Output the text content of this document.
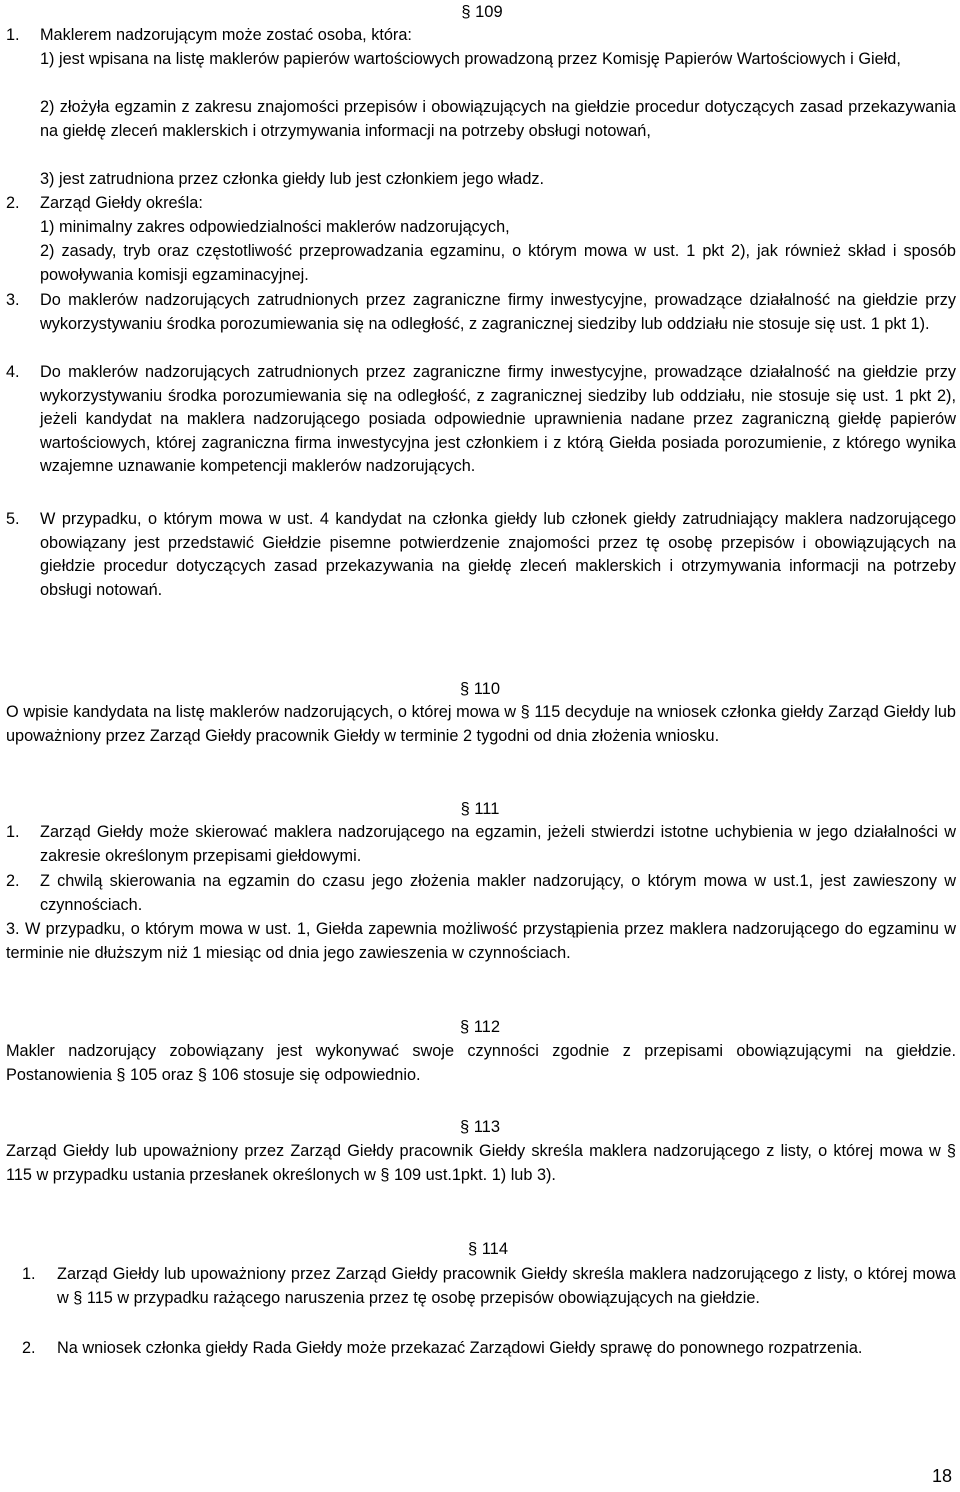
§ 109
1. Maklerem nadzorującym może zostać osoba, która:
1) jest wpisana na listę maklerów papierów wartościowych prowadzoną przez Komisję Papierów Wartościowych i Giełd,
2) złożyła egzamin z zakresu znajomości przepisów i obowiązujących na giełdzie procedur dotyczących zasad przekazywania na giełdę zleceń maklerskich i otrzymywania informacji na potrzeby obsługi notowań,
3) jest zatrudniona przez członka giełdy lub jest członkiem jego władz.
2. Zarząd Giełdy określa:
1) minimalny zakres odpowiedzialności maklerów nadzorujących,
2) zasady, tryb oraz częstotliwość przeprowadzania egzaminu, o którym mowa w ust. 1 pkt 2), jak również skład i sposób powoływania komisji egzaminacyjnej.
3. Do maklerów nadzorujących zatrudnionych przez zagraniczne firmy inwestycyjne, prowadzące działalność na giełdzie przy wykorzystywaniu środka porozumiewania się na odległość, z zagranicznej siedziby lub oddziału nie stosuje się ust. 1 pkt 1).
4. Do maklerów nadzorujących zatrudnionych przez zagraniczne firmy inwestycyjne, prowadzące działalność na giełdzie przy wykorzystywaniu środka porozumiewania się na odległość, z zagranicznej siedziby lub oddziału, nie stosuje się ust. 1 pkt 2), jeżeli kandydat na maklera nadzorującego posiada odpowiednie uprawnienia nadane przez zagraniczną giełdę papierów wartościowych, której zagraniczna firma inwestycyjna jest członkiem i z którą Giełda posiada porozumienie, z którego wynika wzajemne uznawanie kompetencji maklerów nadzorujących.
5. W przypadku, o którym mowa w ust. 4 kandydat na członka giełdy lub członek giełdy zatrudniający maklera nadzorującego obowiązany jest przedstawić Giełdzie pisemne potwierdzenie znajomości przez tę osobę przepisów i obowiązujących na giełdzie procedur dotyczących zasad przekazywania na giełdę zleceń maklerskich i otrzymywania informacji na potrzeby obsługi notowań.
§ 110
O wpisie kandydata na listę maklerów nadzorujących, o której mowa w § 115 decyduje na wniosek członka giełdy Zarząd Giełdy lub upoważniony przez Zarząd Giełdy pracownik Giełdy w terminie 2 tygodni od dnia złożenia wniosku.
§ 111
1. Zarząd Giełdy może skierować maklera nadzorującego na egzamin, jeżeli stwierdzi istotne uchybienia w jego działalności w zakresie określonym przepisami giełdowymi.
2. Z chwilą skierowania na egzamin do czasu jego złożenia makler nadzorujący, o którym mowa w ust.1, jest zawieszony w czynnościach.
3. W przypadku, o którym mowa w ust. 1, Giełda zapewnia możliwość przystąpienia przez maklera nadzorującego do egzaminu w terminie nie dłuższym niż 1 miesiąc od dnia jego zawieszenia w czynnościach.
§ 112
Makler nadzorujący zobowiązany jest wykonywać swoje czynności zgodnie z przepisami obowiązującymi na giełdzie. Postanowienia § 105 oraz § 106 stosuje się odpowiednio.
§ 113
Zarząd Giełdy lub upoważniony przez Zarząd Giełdy pracownik Giełdy skreśla maklera nadzorującego z listy, o której mowa w § 115 w przypadku ustania przesłanek określonych w § 109 ust.1pkt. 1) lub 3).
§ 114
1. Zarząd Giełdy lub upoważniony przez Zarząd Giełdy pracownik Giełdy skreśla maklera nadzorującego z listy, o której mowa w § 115 w przypadku rażącego naruszenia przez tę osobę przepisów obowiązujących na giełdzie.
2. Na wniosek członka giełdy Rada Giełdy może przekazać Zarządowi Giełdy sprawę do ponownego rozpatrzenia.
18
